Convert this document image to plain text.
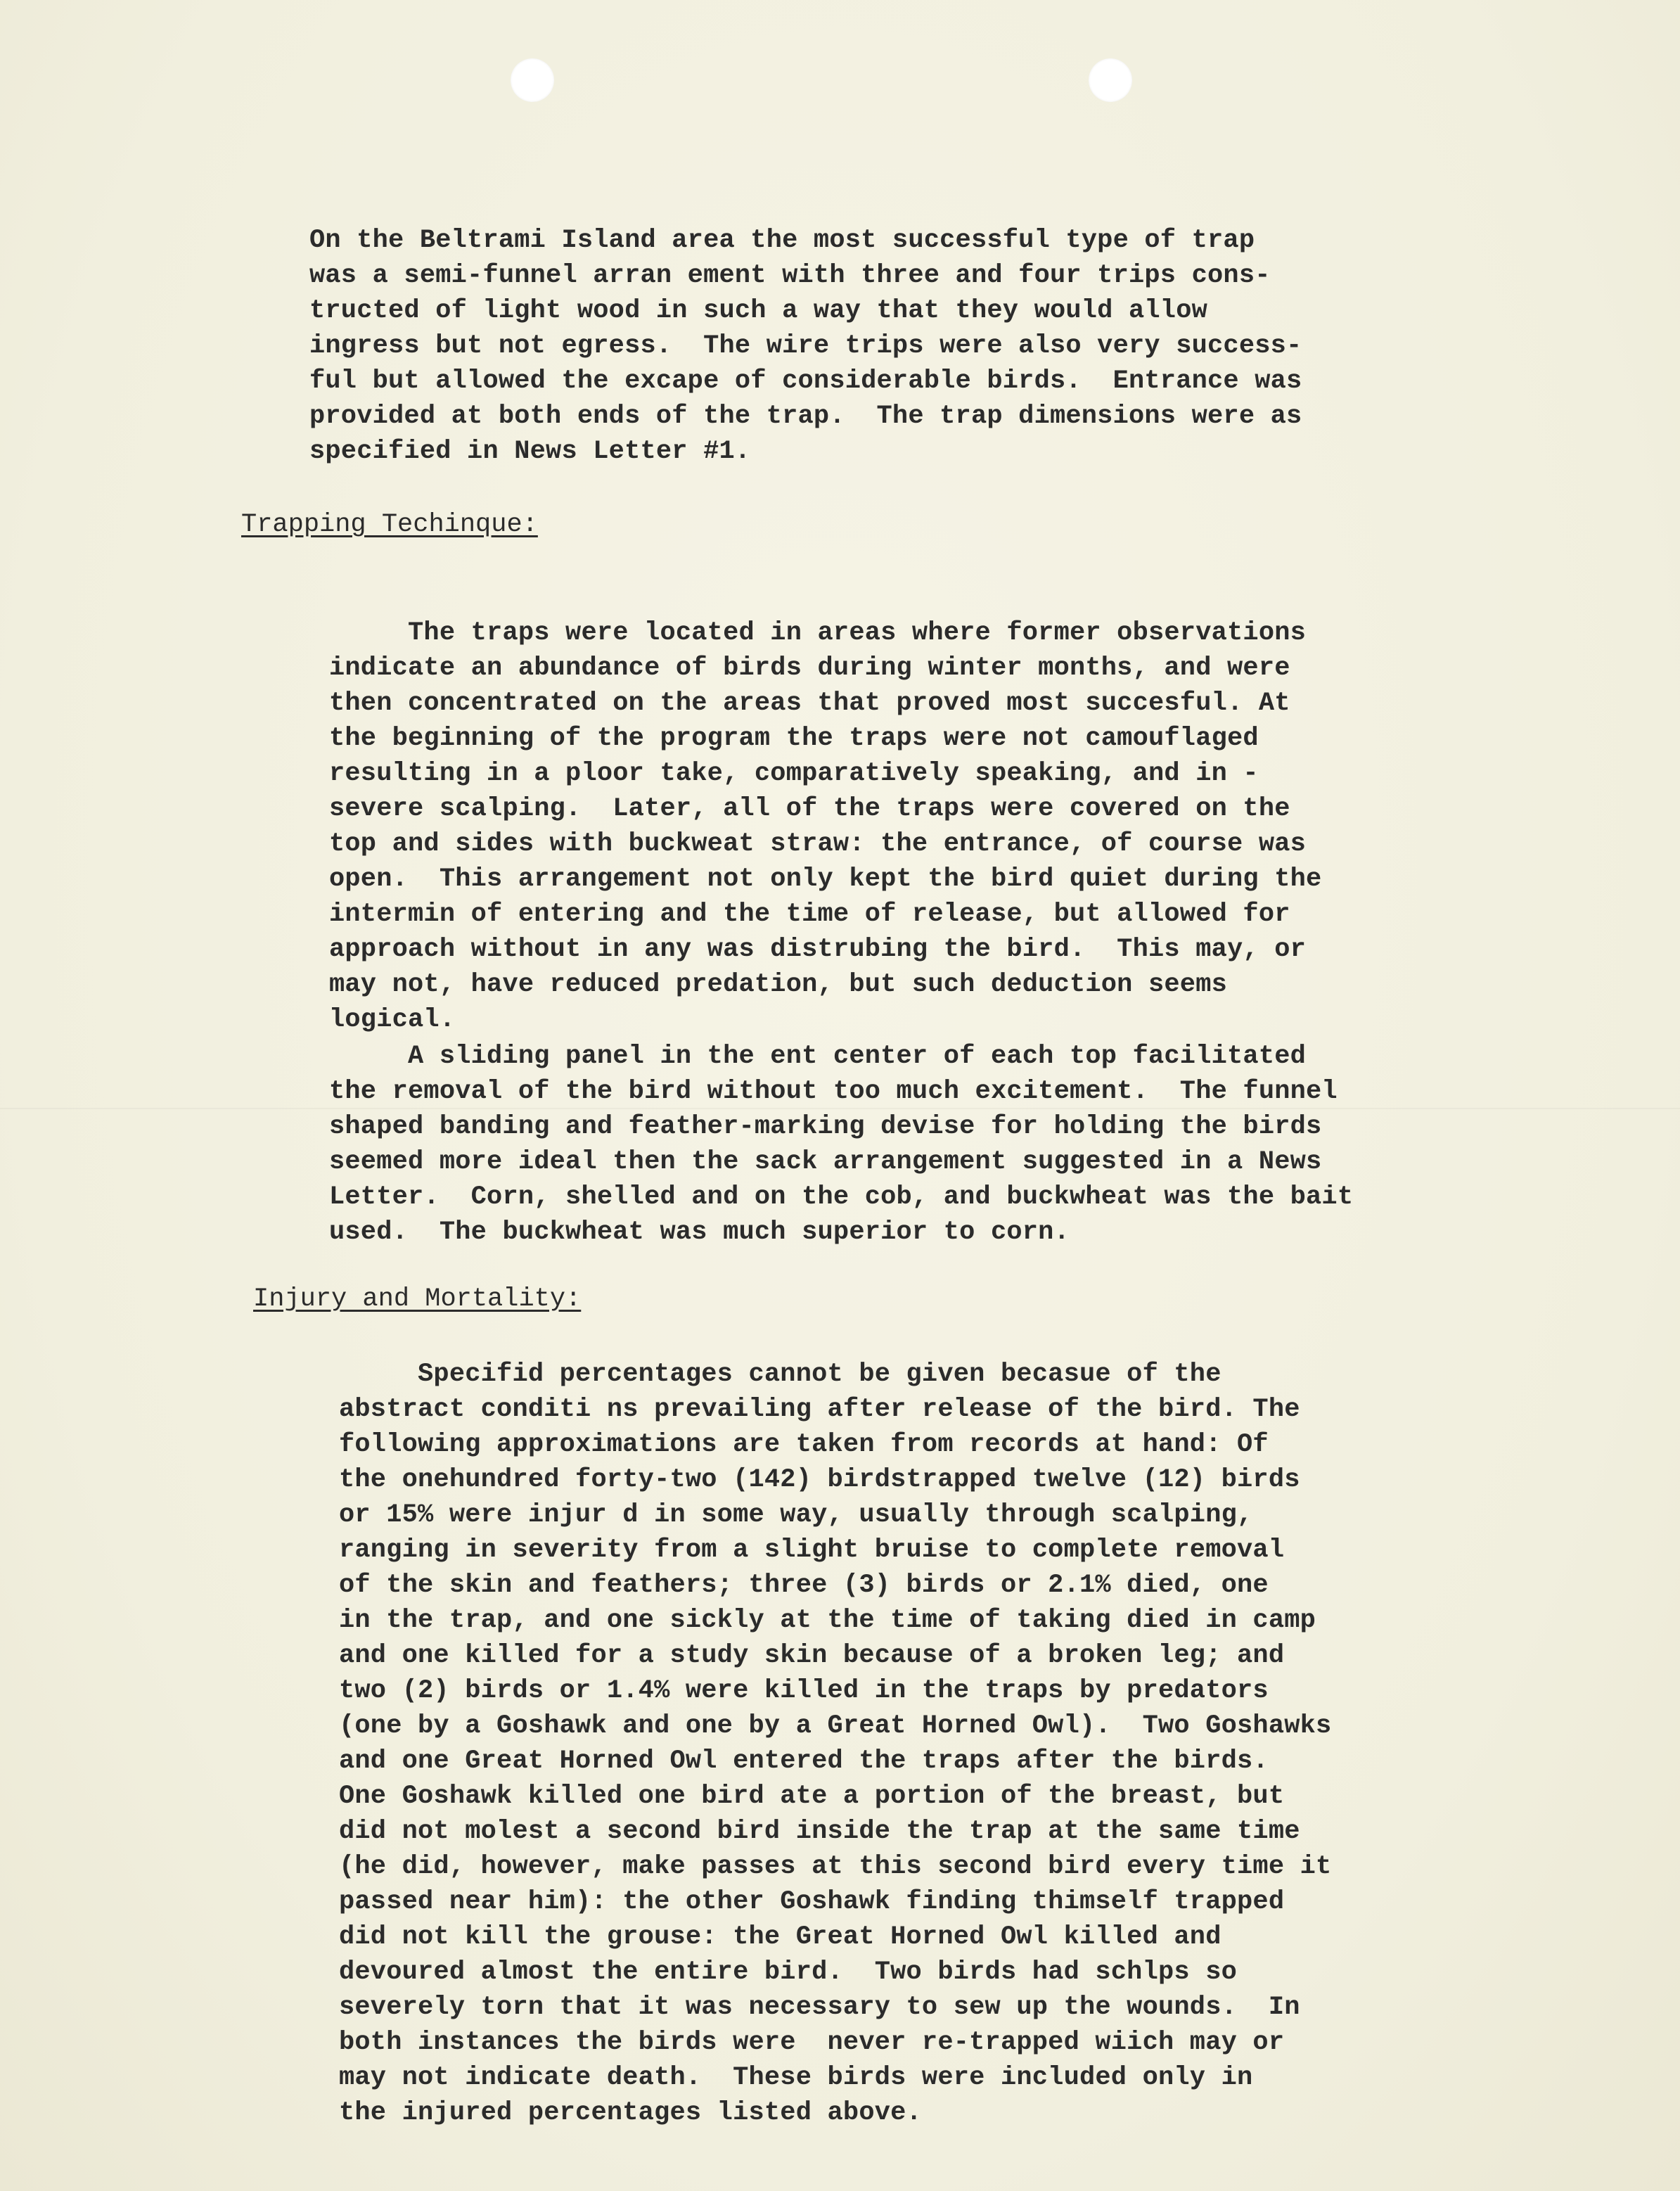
On the Beltrami Island area the most successful type of trap
was a semi-funnel arran ement with three and four trips cons-
tructed of light wood in such a way that they would allow
ingress but not egress.  The wire trips were also very success-
ful but allowed the excape of considerable birds.  Entrance was
provided at both ends of the trap.  The trap dimensions were as
specified in News Letter #1.

Trapping Techinque:

The traps were located in areas where former observations
indicate an abundance of birds during winter months, and were
then concentrated on the areas that proved most succesful. At
the beginning of the program the traps were not camouflaged
resulting in a ploor take, comparatively speaking, and in -
severe scalping.  Later, all of the traps were covered on the
top and sides with buckweat straw: the entrance, of course was
open.  This arrangement not only kept the bird quiet during the
intermin of entering and the time of release, but allowed for
approach without in any was distrubing the bird.  This may, or
may not, have reduced predation, but such deduction seems
logical.

A sliding panel in the ent center of each top facilitated
the removal of the bird without too much excitement.  The funnel
shaped banding and feather-marking devise for holding the birds
seemed more ideal then the sack arrangement suggested in a News
Letter.  Corn, shelled and on the cob, and buckwheat was the bait
used.  The buckwheat was much superior to corn.

Injury and Mortality:

Specifid percentages cannot be given becasue of the
abstract conditi ns prevailing after release of the bird. The
following approximations are taken from records at hand: Of
the onehundred forty-two (142) birdstrapped twelve (12) birds
or 15% were injur d in some way, usually through scalping,
ranging in severity from a slight bruise to complete removal
of the skin and feathers; three (3) birds or 2.1% died, one
in the trap, and one sickly at the time of taking died in camp
and one killed for a study skin because of a broken leg; and
two (2) birds or 1.4% were killed in the traps by predators
(one by a Goshawk and one by a Great Horned Owl).  Two Goshawks
and one Great Horned Owl entered the traps after the birds.
One Goshawk killed one bird ate a portion of the breast, but
did not molest a second bird inside the trap at the same time
(he did, however, make passes at this second bird every time it
passed near him): the other Goshawk finding thimself trapped
did not kill the grouse: the Great Horned Owl killed and
devoured almost the entire bird.  Two birds had schlps so
severely torn that it was necessary to sew up the wounds.  In
both instances the birds were  never re-trapped wiich may or
may not indicate death.  These birds were included only in
the injured percentages listed above.
